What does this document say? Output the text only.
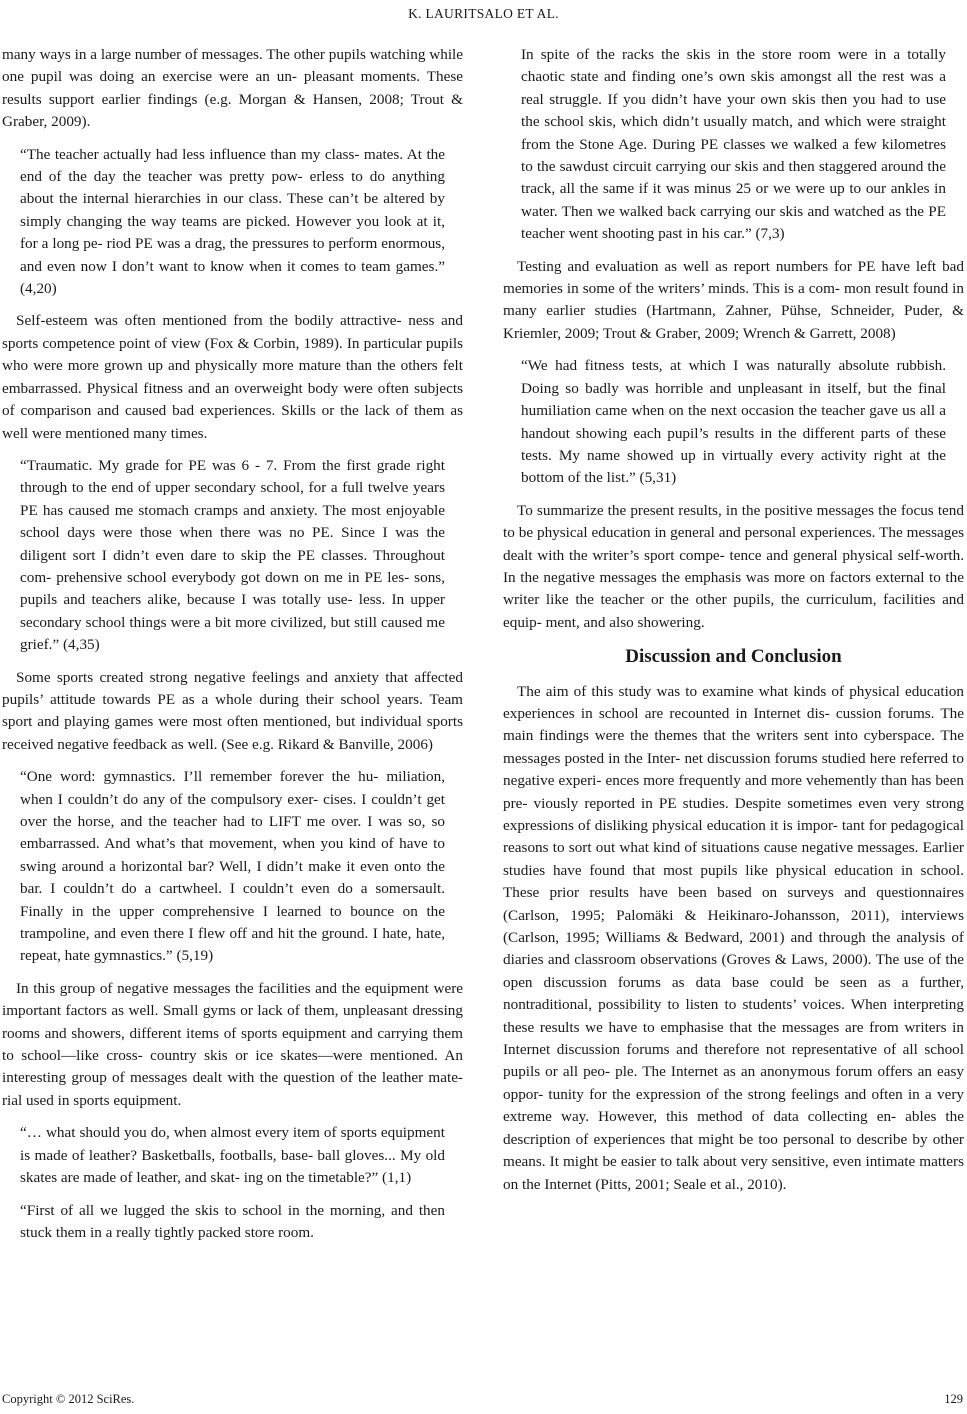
K. LAURITSALO ET AL.

many ways in a large number of messages. The other pupils watching while one pupil was doing an exercise were an un- pleasant moments. These results support earlier findings (e.g. Morgan & Hansen, 2008; Trout & Graber, 2009).

“The teacher actually had less influence than my class- mates. At the end of the day the teacher was pretty pow- erless to do anything about the internal hierarchies in our class. These can’t be altered by simply changing the way teams are picked. However you look at it, for a long pe- riod PE was a drag, the pressures to perform enormous, and even now I don’t want to know when it comes to team games.” (4,20)

Self-esteem was often mentioned from the bodily attractive- ness and sports competence point of view (Fox & Corbin, 1989). In particular pupils who were more grown up and physically more mature than the others felt embarrassed. Physical fitness and an overweight body were often subjects of comparison and caused bad experiences. Skills or the lack of them as well were mentioned many times.

“Traumatic. My grade for PE was 6 - 7. From the first grade right through to the end of upper secondary school, for a full twelve years PE has caused me stomach cramps and anxiety. The most enjoyable school days were those when there was no PE. Since I was the diligent sort I didn’t even dare to skip the PE classes. Throughout com- prehensive school everybody got down on me in PE les- sons, pupils and teachers alike, because I was totally use- less. In upper secondary school things were a bit more civilized, but still caused me grief.” (4,35)

Some sports created strong negative feelings and anxiety that affected pupils’ attitude towards PE as a whole during their school years. Team sport and playing games were most often mentioned, but individual sports received negative feedback as well. (See e.g. Rikard & Banville, 2006)

“One word: gymnastics. I’ll remember forever the hu- miliation, when I couldn’t do any of the compulsory exer- cises. I couldn’t get over the horse, and the teacher had to LIFT me over. I was so, so embarrassed. And what’s that movement, when you kind of have to swing around a horizontal bar? Well, I didn’t make it even onto the bar. I couldn’t do a cartwheel. I couldn’t even do a somersault. Finally in the upper comprehensive I learned to bounce on the trampoline, and even there I flew off and hit the ground. I hate, hate, repeat, hate gymnastics.” (5,19)

In this group of negative messages the facilities and the equipment were important factors as well. Small gyms or lack of them, unpleasant dressing rooms and showers, different items of sports equipment and carrying them to school—like cross- country skis or ice skates—were mentioned. An interesting group of messages dealt with the question of the leather mate- rial used in sports equipment.

“… what should you do, when almost every item of sports equipment is made of leather? Basketballs, footballs, base- ball gloves... My old skates are made of leather, and skat- ing on the timetable?” (1,1)
“First of all we lugged the skis to school in the morning, and then stuck them in a really tightly packed store room.
In spite of the racks the skis in the store room were in a totally chaotic state and finding one’s own skis amongst all the rest was a real struggle. If you didn’t have your own skis then you had to use the school skis, which didn’t usually match, and which were straight from the Stone Age. During PE classes we walked a few kilometres to the sawdust circuit carrying our skis and then staggered around the track, all the same if it was minus 25 or we were up to our ankles in water. Then we walked back carrying our skis and watched as the PE teacher went shooting past in his car.” (7,3)

Testing and evaluation as well as report numbers for PE have left bad memories in some of the writers’ minds. This is a com- mon result found in many earlier studies (Hartmann, Zahner, Pühse, Schneider, Puder, & Kriemler, 2009; Trout & Graber, 2009; Wrench & Garrett, 2008)

“We had fitness tests, at which I was naturally absolute rubbish. Doing so badly was horrible and unpleasant in itself, but the final humiliation came when on the next occasion the teacher gave us all a handout showing each pupil’s results in the different parts of these tests. My name showed up in virtually every activity right at the bottom of the list.” (5,31)

To summarize the present results, in the positive messages the focus tend to be physical education in general and personal experiences. The messages dealt with the writer’s sport compe- tence and general physical self-worth. In the negative messages the emphasis was more on factors external to the writer like the teacher or the other pupils, the curriculum, facilities and equip- ment, and also showering.

Discussion and Conclusion

The aim of this study was to examine what kinds of physical education experiences in school are recounted in Internet dis- cussion forums. The main findings were the themes that the writers sent into cyberspace. The messages posted in the Inter- net discussion forums studied here referred to negative experi- ences more frequently and more vehemently than has been pre- viously reported in PE studies. Despite sometimes even very strong expressions of disliking physical education it is impor- tant for pedagogical reasons to sort out what kind of situations cause negative messages. Earlier studies have found that most pupils like physical education in school. These prior results have been based on surveys and questionnaires (Carlson, 1995; Palomäki & Heikinaro-Johansson, 2011), interviews (Carlson, 1995; Williams & Bedward, 2001) and through the analysis of diaries and classroom observations (Groves & Laws, 2000). The use of the open discussion forums as data base could be seen as a further, nontraditional, possibility to listen to students’ voices. When interpreting these results we have to emphasise that the messages are from writers in Internet discussion forums and therefore not representative of all school pupils or all peo- ple. The Internet as an anonymous forum offers an easy oppor- tunity for the expression of the strong feelings and often in a very extreme way. However, this method of data collecting en- ables the description of experiences that might be too personal to describe by other means. It might be easier to talk about very sensitive, even intimate matters on the Internet (Pitts, 2001; Seale et al., 2010).

Copyright © 2012 SciRes.	129
